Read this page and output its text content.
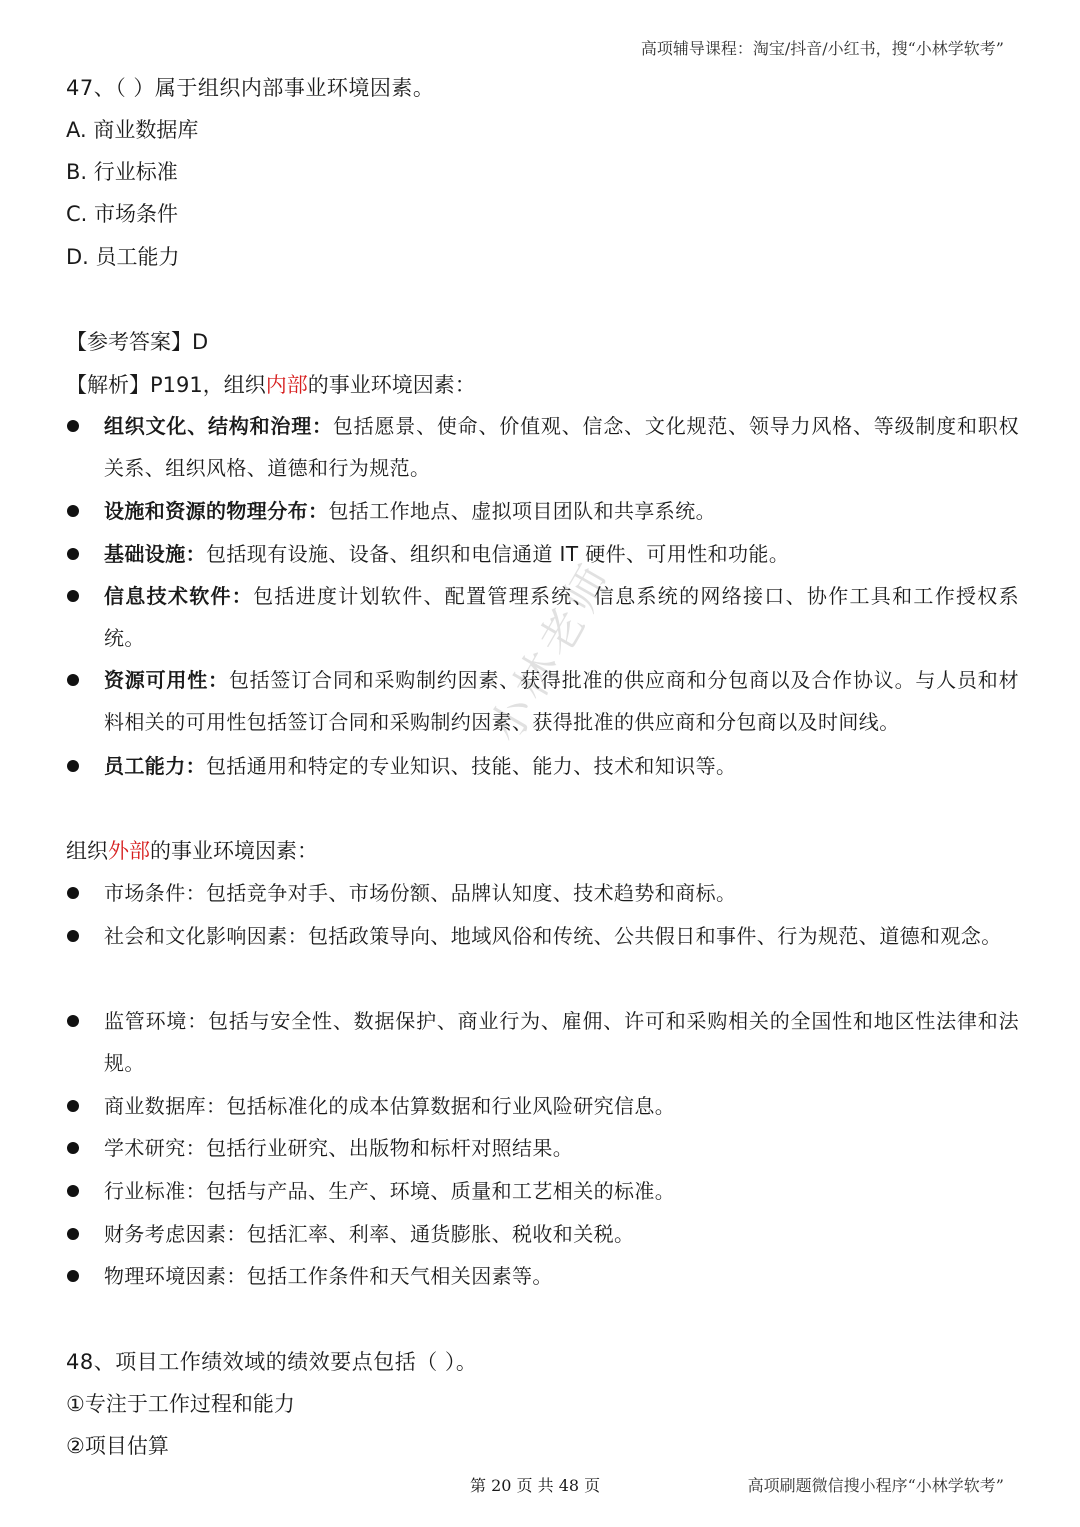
高项辅导课程：淘宝/抖音/小红书，搜“小林学软考”
47、（ ）属于组织内部事业环境因素。
A. 商业数据库
B. 行业标准
C. 市场条件
D. 员工能力
【参考答案】D
【解析】P191，组织内部的事业环境因素：
组织文化、结构和治理：包括愿景、使命、价值观、信念、文化规范、领导力风格、等级制度和职权关系、组织风格、道德和行为规范。
设施和资源的物理分布：包括工作地点、虚拟项目团队和共享系统。
基础设施：包括现有设施、设备、组织和电信通道 IT 硬件、可用性和功能。
信息技术软件：包括进度计划软件、配置管理系统、信息系统的网络接口、协作工具和工作授权系统。
资源可用性：包括签订合同和采购制约因素、获得批准的供应商和分包商以及合作协议。与人员和材料相关的可用性包括签订合同和采购制约因素、获得批准的供应商和分包商以及时间线。
员工能力：包括通用和特定的专业知识、技能、能力、技术和知识等。
组织外部的事业环境因素：
市场条件：包括竞争对手、市场份额、品牌认知度、技术趋势和商标。
社会和文化影响因素：包括政策导向、地域风俗和传统、公共假日和事件、行为规范、道德和观念。
监管环境：包括与安全性、数据保护、商业行为、雇佣、许可和采购相关的全国性和地区性法律和法规。
商业数据库：包括标准化的成本估算数据和行业风险研究信息。
学术研究：包括行业研究、出版物和标杆对照结果。
行业标准：包括与产品、生产、环境、质量和工艺相关的标准。
财务考虑因素：包括汇率、利率、通货膨胀、税收和关税。
物理环境因素：包括工作条件和天气相关因素等。
48、项目工作绩效域的绩效要点包括（ ）。
①专注于工作过程和能力
②项目估算
小林老师
第 20 页 共 48 页	高项刷题微信搜小程序“小林学软考”
